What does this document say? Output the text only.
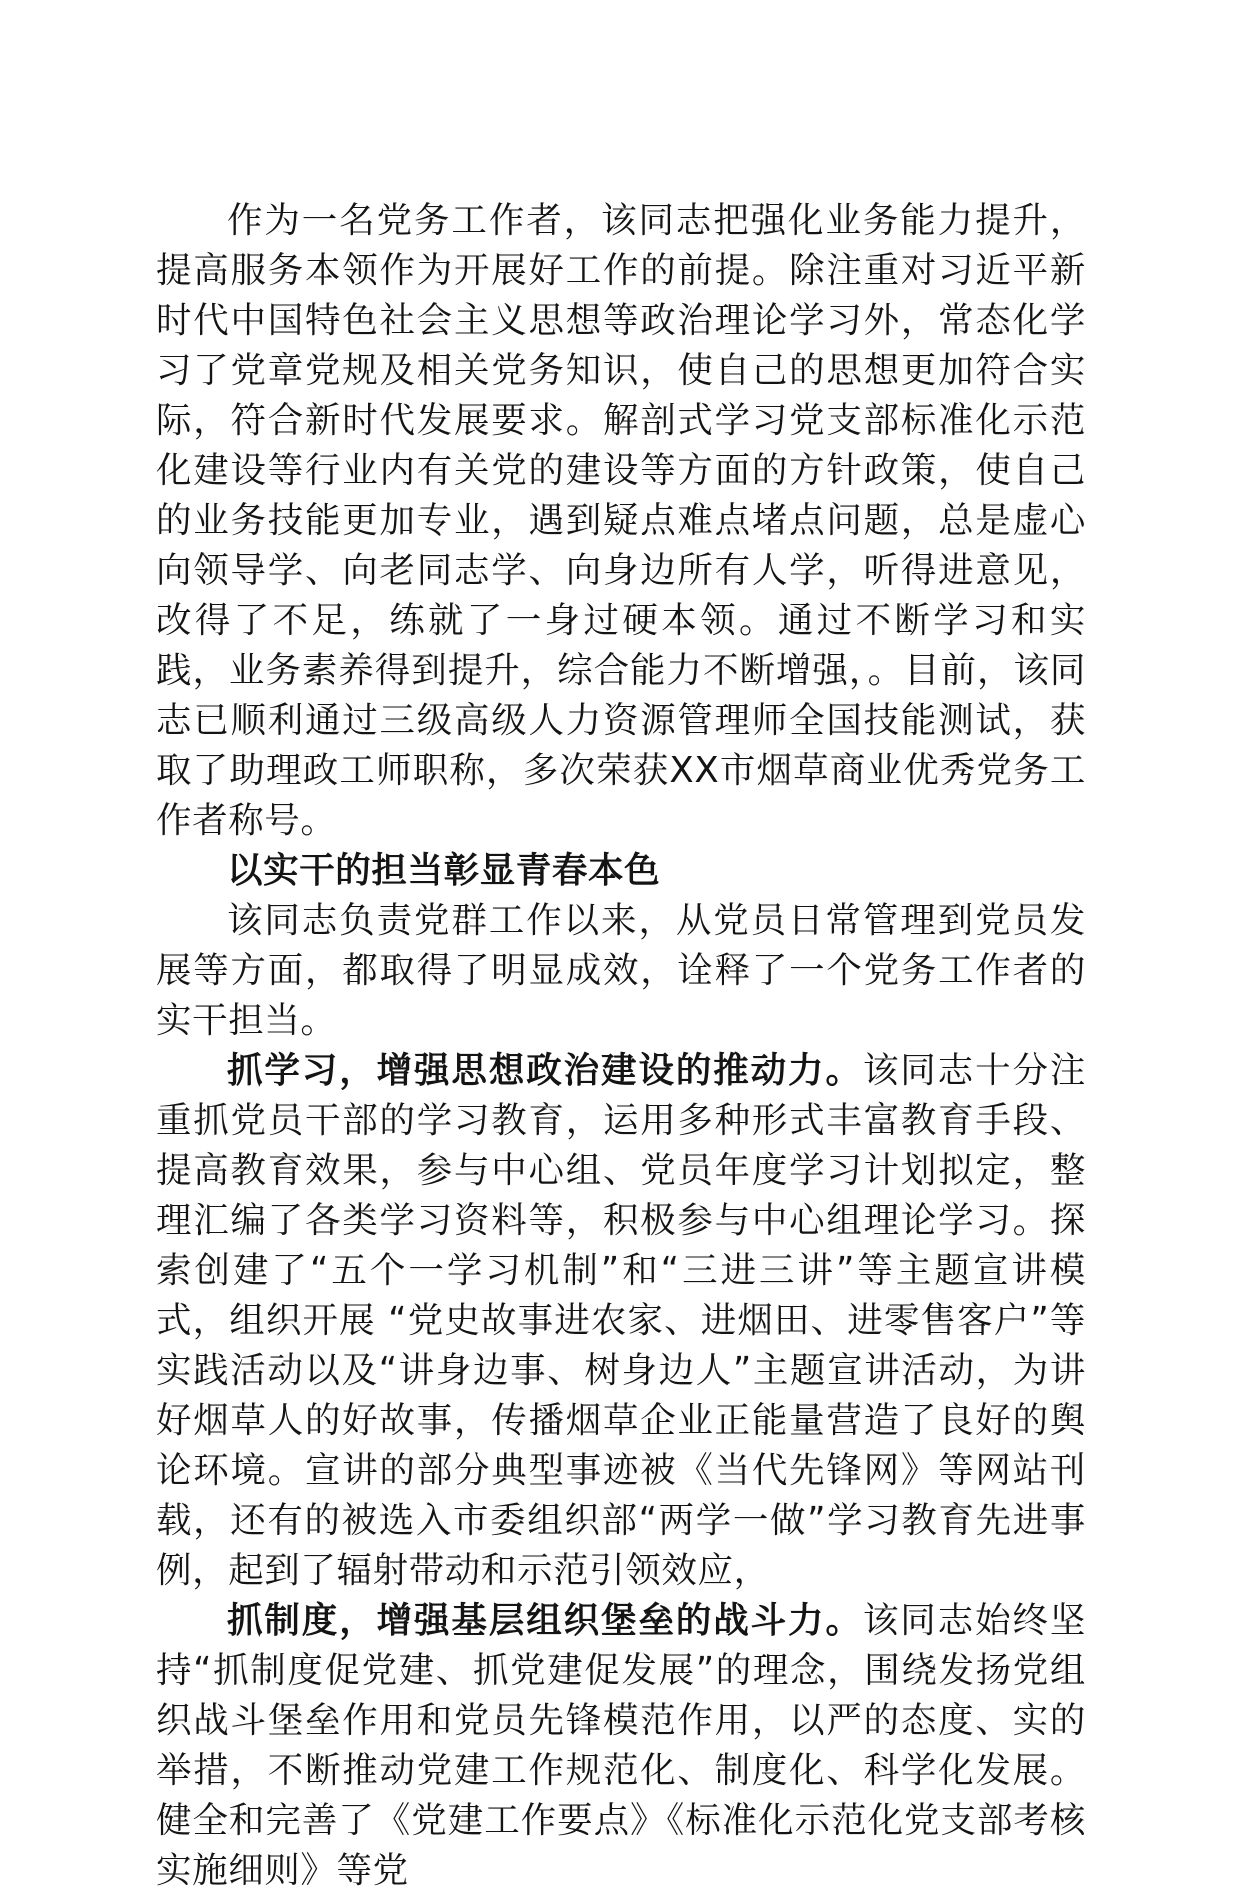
作为一名党务工作者，该同志把强化业务能力提升，提高服务本领作为开展好工作的前提。除注重对习近平新时代中国特色社会主义思想等政治理论学习外，常态化学习了党章党规及相关党务知识，使自己的思想更加符合实际，符合新时代发展要求。解剖式学习党支部标准化示范化建设等行业内有关党的建设等方面的方针政策，使自己的业务技能更加专业，遇到疑点难点堵点问题，总是虚心向领导学、向老同志学、向身边所有人学，听得进意见，改得了不足，练就了一身过硬本领。通过不断学习和实践，业务素养得到提升，综合能力不断增强，。目前，该同志已顺利通过三级高级人力资源管理师全国技能测试，获取了助理政工师职称，多次荣获XX市烟草商业优秀党务工作者称号。

以实干的担当彰显青春本色

该同志负责党群工作以来，从党员日常管理到党员发展等方面，都取得了明显成效，诠释了一个党务工作者的实干担当。

抓学习，增强思想政治建设的推动力。该同志十分注重抓党员干部的学习教育，运用多种形式丰富教育手段、提高教育效果，参与中心组、党员年度学习计划拟定，整理汇编了各类学习资料等，积极参与中心组理论学习。探索创建了“五个一学习机制”和“三进三讲”等主题宣讲模式，组织开展 “党史故事进农家、进烟田、进零售客户”等实践活动以及“讲身边事、树身边人”主题宣讲活动，为讲好烟草人的好故事，传播烟草企业正能量营造了良好的舆论环境。宣讲的部分典型事迹被《当代先锋网》等网站刊载，还有的被选入市委组织部“两学一做”学习教育先进事例，起到了辐射带动和示范引领效应，

抓制度，增强基层组织堡垒的战斗力。该同志始终坚持“抓制度促党建、抓党建促发展”的理念，围绕发扬党组织战斗堡垒作用和党员先锋模范作用，以严的态度、实的举措，不断推动党建工作规范化、制度化、科学化发展。健全和完善了《党建工作要点》《标准化示范化党支部考核实施细则》等党
